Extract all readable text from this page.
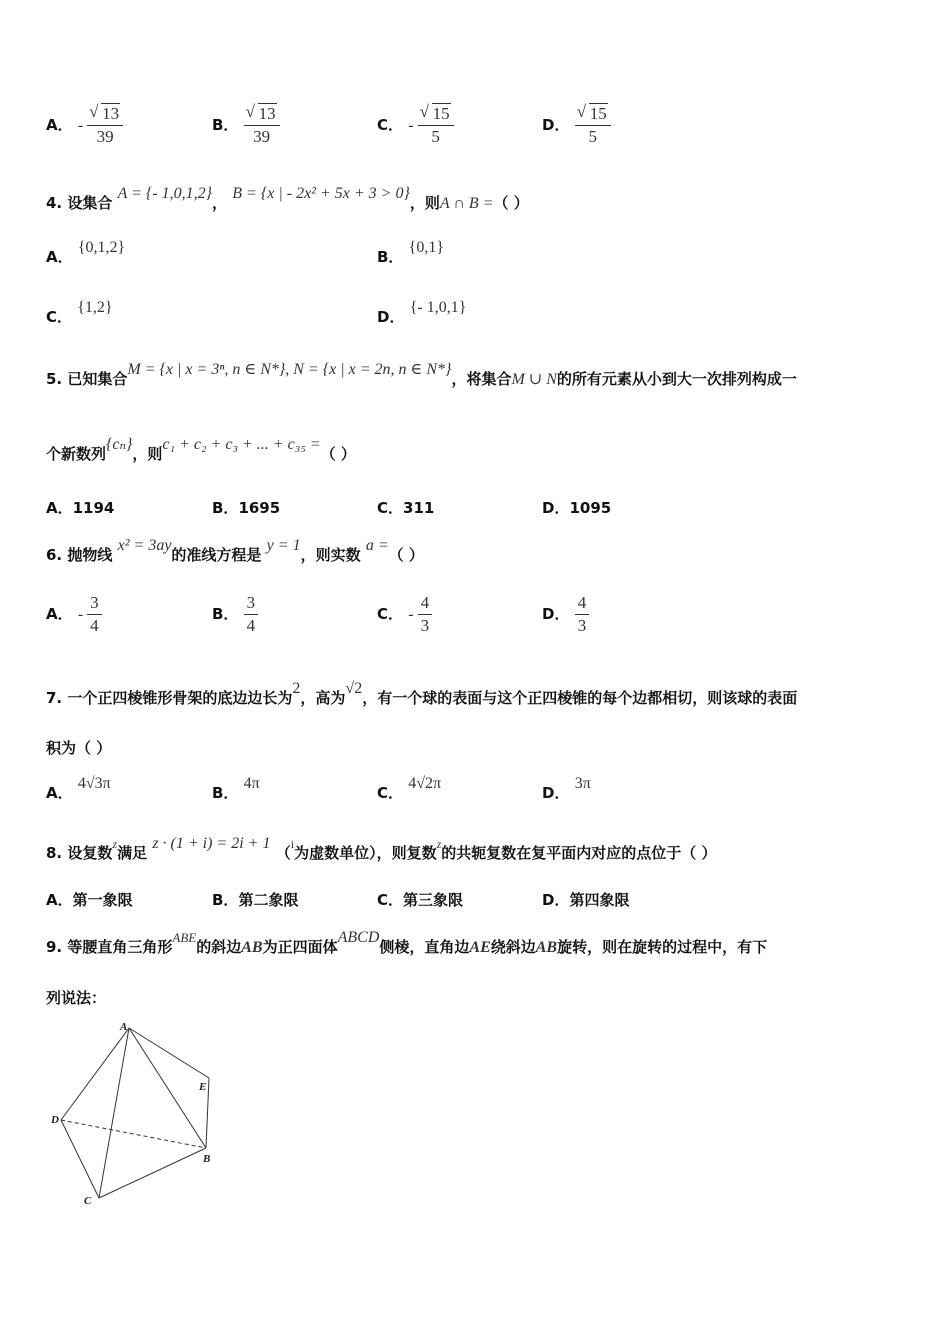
A． - √ $\frac{13}{39}$	B． √ $\frac{13}{39}$	C． - √ $\frac{15}{5}$	D． √ $\frac{15}{5}$
4. 设集合 A = {- 1,0,1,2}， B = {x | - 2x² + 5x + 3 > 0}，则A ∩ B =（ ）
A． {0,1,2}
B． {0,1}
C． {1,2}
D． {- 1,0,1}
5. 已知集合M = {x | x = 3ⁿ, n ∈ N*}, N = {x | x = 2n, n ∈ N*}，将集合M ∪ N的所有元素从小到大一次排列构成一
个新数列{cₙ}，则c₁ + c₂ + c₃ + ... + c₃₅ =（ ）
A．1194	B．1695	C．311	D．1095
6. 抛物线 x² = 3ay的准线方程是 y = 1，则实数 a =（ ）
A． - $\frac{3}{4}$	B． $\frac{3}{4}$	C． - $\frac{4}{3}$	D． $\frac{4}{3}$
7. 一个正四棱锥形骨架的底边边长为2，高为√2，有一个球的表面与这个正四棱锥的每个边都相切，则该球的表面
积为（ ）
A． 4√3π
B． 4π
C． 4√2π
D． 3π
8. 设复数$^z$满足 z · (1 + i) = 2i + 1 （$^i$为虚数单位），则复数$^z$的共轭复数在复平面内对应的点位于（ ）
A．第一象限	B．第二象限	C．第三象限	D．第四象限
9. 等腰直角三角形ABE的斜边AB为正四面体ABCD侧棱，直角边AE绕斜边AB旋转，则在旋转的过程中，有下
列说法：
A
E
D
B
C
